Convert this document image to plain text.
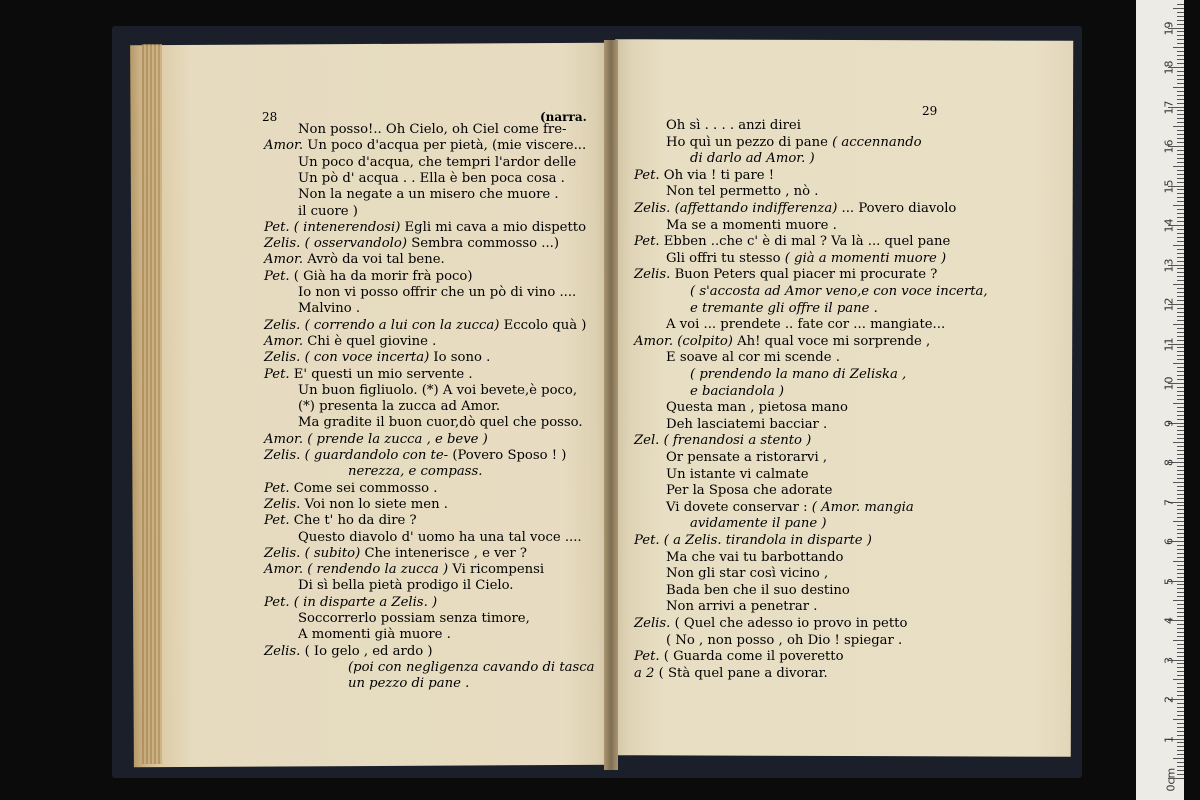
28	(narra.	29
Non posso!.. Oh Cielo, oh Ciel come fre-
Amor. Un poco d'acqua per pietà, (mie viscere...
Un poco d'acqua, che tempri l'ardor delle
Un pò d' acqua . . Ella è ben poca cosa .
Non la negate a un misero che muore .
il cuore )
Pet. ( intenerendosi) Egli mi cava a mio dispetto
Zelis. ( osservandolo) Sembra commosso ...)
Amor. Avrò da voi tal bene.
Pet. ( Già ha da morir frà poco)
Io non vi posso offrir che un pò di vino ....
Malvino .
Zelis. ( correndo a lui con la zucca) Eccolo quà )
Amor. Chi è quel giovine .
Zelis. ( con voce incerta) Io sono .
Pet. E' questi un mio servente .
Un buon figliuolo. (*) A voi bevete,è poco,
(*) presenta la zucca ad Amor.
Ma gradite il buon cuor,dò quel che posso.
Amor. ( prende la zucca , e beve )
Zelis. ( guardandolo con te- (Povero Sposo ! )
nerezza, e compass.
Pet. Come sei commosso .
Zelis. Voi non lo siete men .
Pet. Che t' ho da dire ?
Questo diavolo d' uomo ha una tal voce ....
Zelis. ( subito) Che intenerisce , e ver ?
Amor. ( rendendo la zucca ) Vi ricompensi
Di sì bella pietà prodigo il Cielo.
Pet. ( in disparte a Zelis. )
Soccorrerlo possiam senza timore,
A momenti già muore .
Zelis. ( Io gelo , ed ardo )
(poi con negligenza cavando di tasca
un pezzo di pane .
Oh sì . . . . anzi direi
Ho quì un pezzo di pane ( accennando
di darlo ad Amor. )
Pet. Oh via ! ti pare !
Non tel permetto , nò .
Zelis. (affettando indifferenza) ... Povero diavolo
Ma se a momenti muore .
Pet. Ebben ..che c' è di mal ? Va là ... quel pane
Gli offri tu stesso ( già a momenti muore )
Zelis. Buon Peters qual piacer mi procurate ?
( s'accosta ad Amor veno,e con voce incerta,
e tremante gli offre il pane .
A voi ... prendete .. fate cor ... mangiate...
Amor. (colpito) Ah! qual voce mi sorprende ,
E soave al cor mi scende .
( prendendo la mano di Zeliska ,
e baciandola )
Questa man , pietosa mano
Deh lasciatemi bacciar .
Zel. ( frenandosi a stento )
Or pensate a ristorarvi ,
Un istante vi calmate
Per la Sposa che adorate
Vi dovete conservar : ( Amor. mangia
avidamente il pane )
Pet. ( a Zelis. tirandola in disparte )
Ma che vai tu barbottando
Non gli star così vicino ,
Bada ben che il suo destino
Non arrivi a penetrar .
Zelis. ( Quel che adesso io provo in petto
( No , non posso , oh Dio ! spiegar .
Pet. ( Guarda come il poveretto
a 2 ( Stà quel pane a divorar.
1
2
3
4
5
6
7
8
9
10
11
12
13
14
15
16
17
18
19
0cm
